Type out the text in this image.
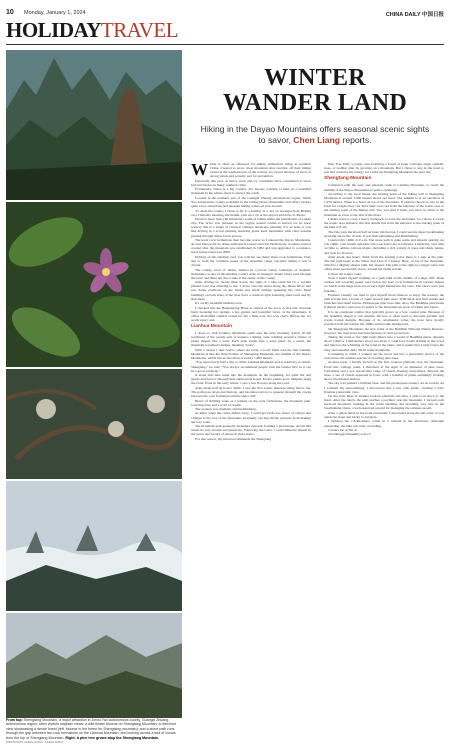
10 Monday, January 1, 2024	CHINA DAILY 中国日报
HOLIDAYTRAVEL
From top: Shengtang Mountain, a major attraction in Jinxiu Yao autonomous county, Guangxi Zhuang autonomous region; often visitors majestic views; a wild flower blooms on Shengtang Mountain; a riverfront view showcasing a dense forest (left, blooms in the forest for Shengtang mountain); and a stone path runs through the gap between two rock formations on the Lianhua Mountain; and looking across a sea of clouds from the top of Shengtang Mountain. Right: A pine tree grows atop the Shengtang Mountain.
PHOTOS BY CHEN LIANG / CHINA DAILY
WINTER
WANDER LAND
Hiking in the Dayao Mountains offers seasonal scenic sights to savor, Chen Liang reports.

Winter is often an offseason for hiking enthusiasts living in southern China. Created to snow, most mountain sites become off their hiking routes in the southern part of the country are closed because of snow or strong winds and security and for prevention.

Especially this year, as heavy snow and icy conditions have contributed to snow fall and freezes in many southern cities.

Fortunately, China is a big country. For anyone wanting to hike on a beautiful mountain in the winter, there is always the south.

Located in the northern part of the Guangxi Zhuang autonomous region, Jinxiu Yao autonomous county is hidden in the rolling Dayao Mountains and offers visitors quite a few attractions and pleasant hiking routes all year around.

To reach the county, I chose to fly to a holiday in a city on Guangxi from Beijing on a Thursday morning last month, pick up a car at the airport and drive to Jinxiu.

Jinxiu is more than 160 kilometers south of Guilin under the jurisdiction of Laibin city. The drive was pleasant as the region around Guilin is known for its karst scenery that is a staple of classical Chinese landscape painting. For an hour, it was like driving in a scroll painting featuring green karst mountains with clear streams passing through dense forest groves.

The karst rock formations then become scarce as I entered the Dayao Mountains, an area known for its dense subtropical forests and rich biodiversity. A nature reserve created after the mountain was established in 1982 and was upgraded to a national-level nature reserve in 2000.

Driving on the winding road, you will not see many sheer rock formations. They rise to form the countless peaks of the mountain range cascaded within a veil of clouds.

The county town of Jinxiu, nestled in a broad valley, landslope of majestic mountains, is one of the smallest county seats in Guangxi. Route Street runs through the town and there are also a lake at the center of the county.

After driving for nearly three hours, the sight of a lake encircled by a verdant pleated road was amazing to me. I drove onto the street along the Jinxiu River and saw dense pavilions on the banks and small bridges spanning the river. Most buildings on both sides of the river have a classical style featuring tiled roofs and fly structures.

It's a truly beautiful hillside town.

I checked into the Banpanyang Hotel at central of the town. A five-star riverside hotel featuring hot springs, a hot garden and beautiful views of the mountains. It offers diversified cultural events for me a little over two-way chat's. Before me, it's worth every cent.

Lianhua Mountain

I chose to visit Lianhua Mountain south area the next morning. About 10 km southwest of the county seat, it features a hiking route winding around a cluster of peaks shaped like a lotus. Each peak stands like a lotus petal. As a result, the mountain is named Lianhua, meaning "lotus".

With a sunset I met twelve others six level, a local Yinxi told me that Lianhua Mountain is like the little brother of Shengtang Mountain, the summit of the Dayao Mountains, which has an elevation of nearly 1,900 meters.

"You need barely half a day to climb Lianhua Mountain and is relatively no multi-Shengtang," he said. "You always recommend people visit the former first as it can be a good warm-up."

A stone slab lane leads into the mountain. At the beginning, it's quite flat and gentle and narrow through lush subtropical forest. Exotic plants grow rampant along the route. Even in the early winter, I saw a few flowers along the road.

After about half an hour's climb, I saw the first scenic pinnacle rising before me. The path goes down and then up, and becomes narrow to squeeze through the cracks between the rock formation and the sheer cliff.

Hours of thrilling route as I walked on the rock formations, the mountain path, towering trees and a scarf of clouds.

The scenery was dramatic and breathtaking.

At times when the cloud drifted away, I could get bird's-eye views of valleys and villages at the foot of the mountain. Gradually can hop 80 the pressure from making the way route.

The mountain path generally meanders upwards forming a picturesque circuit that winds its way around and pinnacles. Following the route, I could immerse myself in the peace and beauty of nature in three hours.

For that reason, my friend recommends the Shengtang

Pine Tree Path, a scenic area featuring a forest of huge Carbajpa argan cephalic trees, or Gabhar after th, growing on a mountain. But I chose to stay in the hotel to rest and conserve my energy for a hike up Shengtang Mountain the next day.

Shengtang Mountain

Compared with the easy and pleasant walk to Lianhua Mountain, to reach the summit of the Dayao Mountains is quite a challenge.

According to my local friend, the starting point of the hiking trail to Shengtang Mountain is around 1,500 meters above sea level. The summit is at an elevation of 1,979 meters. There is a hotel on top of the mountain. If visitors choose to stay in the hotel for a night, they can drive their own cars from the entrance of the scenic area to the starting point of the hiking trail. Yes, you read it right, you have no drink to the mountain as close to the end of the hotel.

I didn't want to carry a heavy backpack to scale the mountain. So I drove to reach the scenic area entrance, the first shuttle bus from the entrance to the starting point of the hike at 8 am.

The ride took me about half an hour. On the bus, I could see the sheer breathtaking terracing above the clouds. It was both tantalizing and intimidating.

I started my climb at 9 a.m. The stone path is quite some and smooth quickly. As you climb, your breath quickens and your heart rate accelerates. I made my own time on time to admire various plants, including a rich variety of trees and shade plants, and look for flowers.

After about one hour's climb from the starting point, there is a sign at the path. The left path leads to the Venus Sun Line of Clouds). Here, on top of the mountain, which is a slightly shorter path, but steeper. The path to the right is a longer route, but offers more spectacular views, around the rising terrain.

I chose the longer route.

Soon I found myself walking on a path built in the middle of a huge cliff. Deep ravines and towering peaks were below my feet; rock formations in various shapes on which some huge trees stood were right behind me my view. The views were just fantastic.

Freshest visually out tried to give myself more chances to enjoy the scenery, the path led me into a forest of some special pine trees. With thick and firm trunks and branches and small leaves. Picturesque pine trees like. Also, the Buddhist pine made it almost perfect, pine tree, is native to the mountainous areas of China and Japan.

It is an evergreen conifer that typically grows as a low, coastal pine. Because of the beautiful shapes it can assume, the tree is often used to decorate gardens and create bonsai designs. Because of its ornamental value, the trees have mostly poached from the wild in the 1980s and became endangered.

On Shengtang Mountain, the now some of the Buddhist National Nature Reserve, however, the trees have survived because of strict protection.

Taking the route to the right leads hikers into a world of Buddhist pines. Already about 1,900 or 1,900 meters above sea level, I could feel clouds drifting in the wood and listen to the whistling of the wind in the pines, and it seems that I truly forgot the busy and stressful daily life in some mountains.

Continuing to climb, I walked out the wood and into a panoramic terrace of the rock stone and another species of towering pine trees.

Around noon, I finally arrived at the first lookout platform atop the mountain. From this vantage point, I marveled at the sight of an immense of pine trees, bottomless and a sea spectacular, ridge of clouds floating everywhere. Beyond the trees, a sea of clouds appeared in front, with a handful of peaks seemingly floating above the mineral surface.

The sky was painted a brilliant blue, and the picturesque scenery set us worlds. As I scanned my surroundings, I discovered that I was with peaks, creating a truly flawless panoramic view.

Up the trail, there is another lookout platform and then, a side road down to the hotel. After the lunch, the path reaches a pavilion atop the mountain. I viewed each previous mountain, basking in the warm sunshine and breathing very new in the breathtaking vistas, a well-deserved reward for managing the arduous ascent.

After a quick lunch in the hotel restaurant, I descended along the left route. It was quick but steep and tricky to navigate.

I finished the 1.6-kilometer round in a relaxed in the afternoon. Although exhausting, the hike was truly rewarding.

Contact the writer at
chenliang@chinadaily.com.cn
